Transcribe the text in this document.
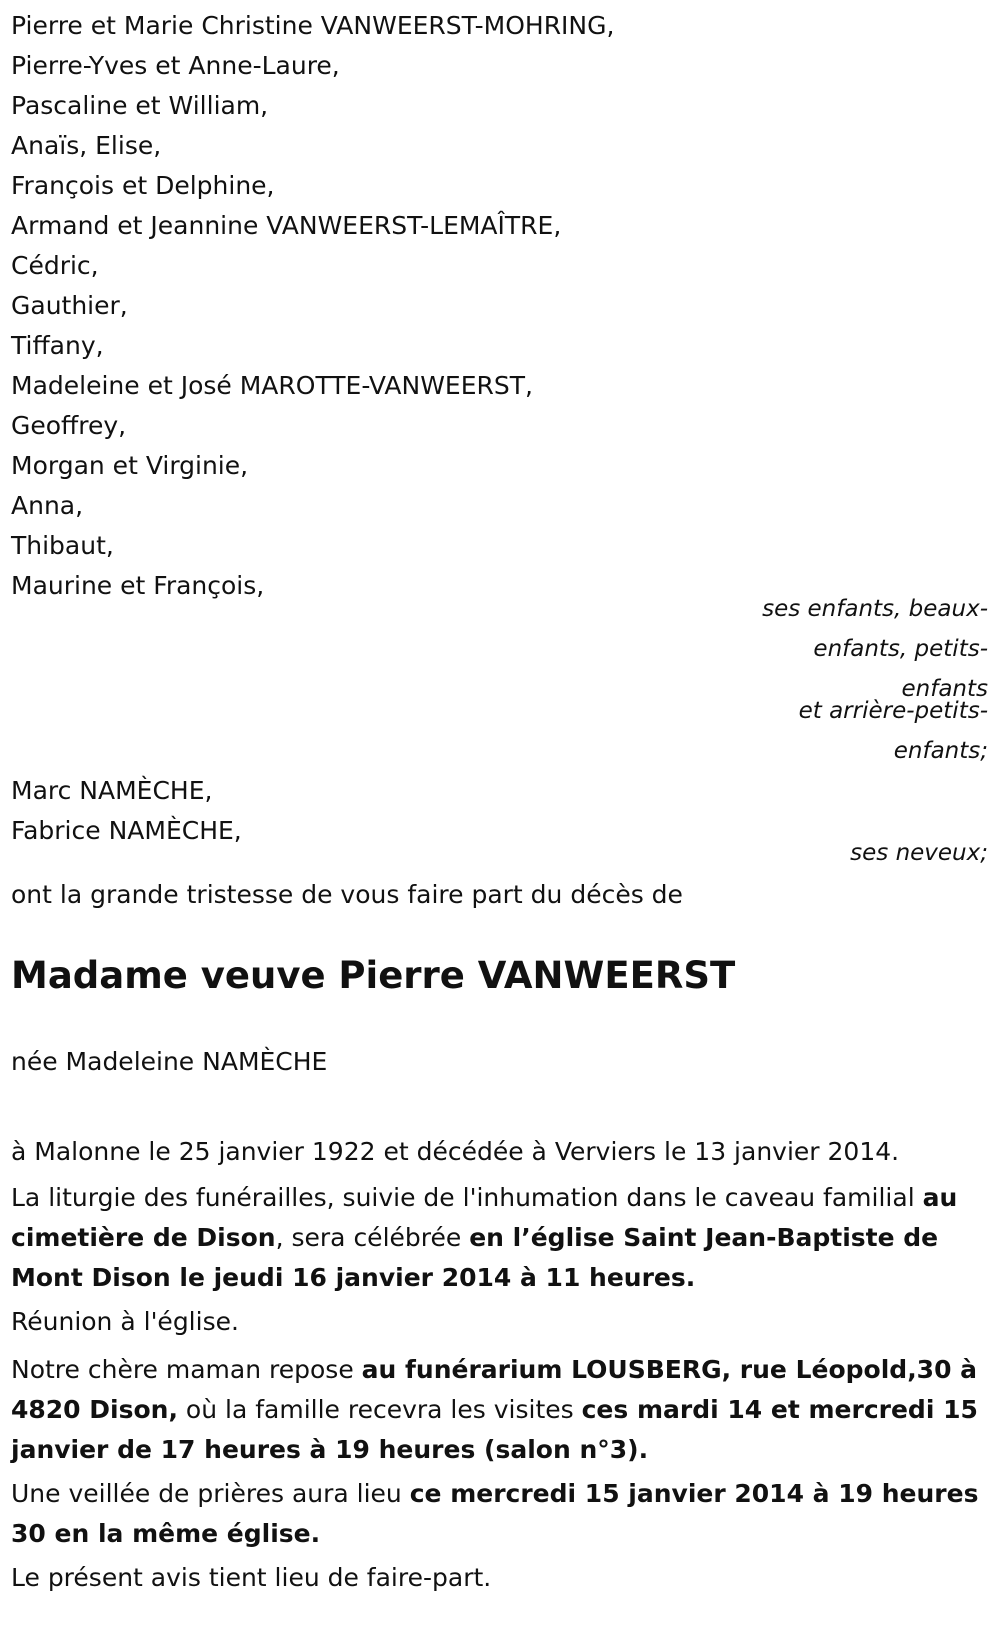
Pierre et Marie Christine VANWEERST-MOHRING,
Pierre-Yves et Anne-Laure,
Pascaline et William,
Anaïs, Elise,
François et Delphine,
Armand et Jeannine VANWEERST-LEMAÎTRE,
Cédric,
Gauthier,
Tiffany,
Madeleine et José MAROTTE-VANWEERST,
Geoffrey,
Morgan et Virginie,
Anna,
Thibaut,
Maurine et François,
ses enfants, beaux-
enfants, petits-
enfants
et arrière-petits-
enfants;
Marc NAMÈCHE,
Fabrice NAMÈCHE,
ses neveux;
ont la grande tristesse de vous faire part du décès de
Madame veuve Pierre VANWEERST
née Madeleine NAMÈCHE
à Malonne le 25 janvier 1922 et décédée à Verviers le 13 janvier 2014.
La liturgie des funérailles, suivie de l'inhumation dans le caveau familial au cimetière de Dison, sera célébrée en l’église Saint Jean-Baptiste de Mont Dison le jeudi 16 janvier 2014 à 11 heures.
Réunion à l'église.
Notre chère maman repose au funérarium LOUSBERG, rue Léopold,30 à 4820 Dison, où la famille recevra les visites ces mardi 14 et mercredi 15 janvier de 17 heures à 19 heures (salon n°3).
Une veillée de prières aura lieu ce mercredi 15 janvier 2014 à 19 heures 30 en la même église.
Le présent avis tient lieu de faire-part.
